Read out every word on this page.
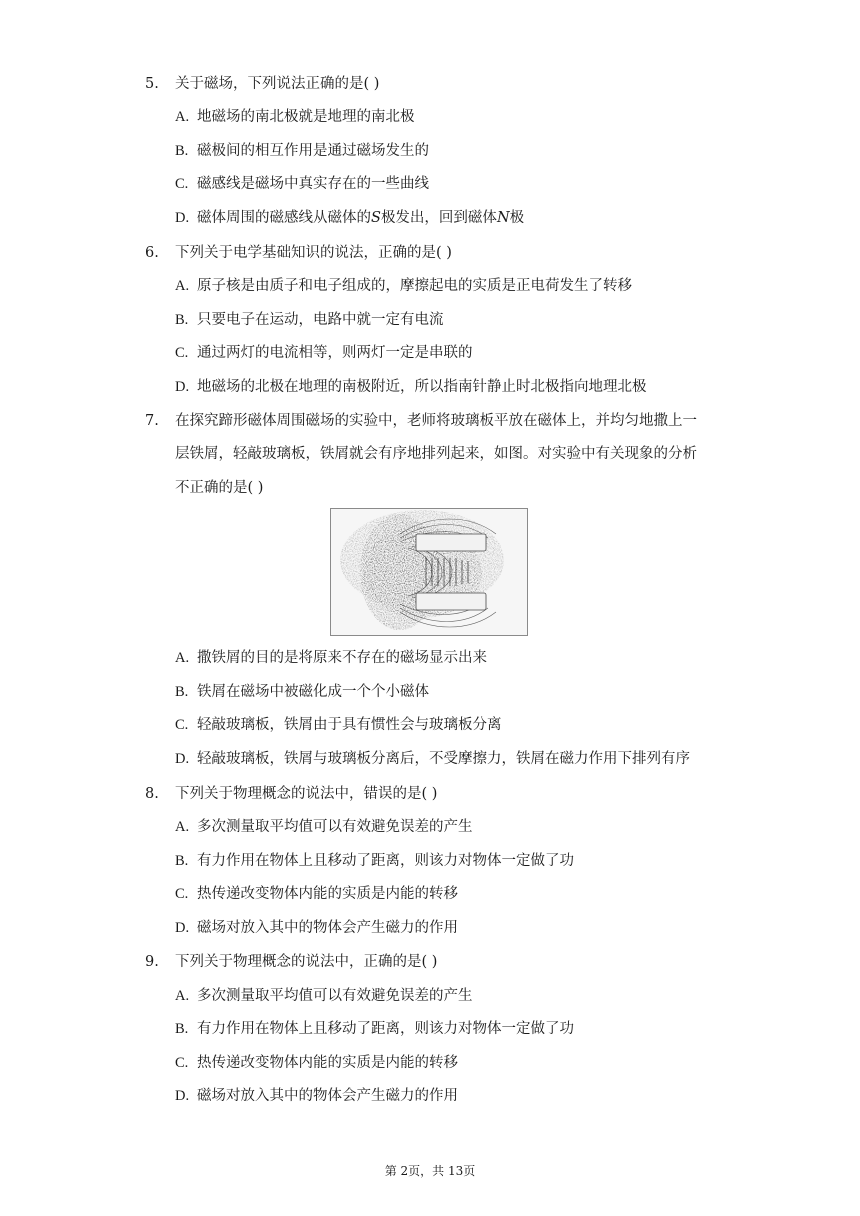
5. 关于磁场，下列说法正确的是( )
A. 地磁场的南北极就是地理的南北极
B. 磁极间的相互作用是通过磁场发生的
C. 磁感线是磁场中真实存在的一些曲线
D. 磁体周围的磁感线从磁体的S极发出，回到磁体N极
6. 下列关于电学基础知识的说法，正确的是( )
A. 原子核是由质子和电子组成的，摩擦起电的实质是正电荷发生了转移
B. 只要电子在运动，电路中就一定有电流
C. 通过两灯的电流相等，则两灯一定是串联的
D. 地磁场的北极在地理的南极附近，所以指南针静止时北极指向地理北极
7. 在探究蹄形磁体周围磁场的实验中，老师将玻璃板平放在磁体上，并均匀地撒上一
层铁屑，轻敲玻璃板，铁屑就会有序地排列起来，如图。对实验中有关现象的分析
不正确的是( )
A. 撒铁屑的目的是将原来不存在的磁场显示出来
B. 铁屑在磁场中被磁化成一个个小磁体
C. 轻敲玻璃板，铁屑由于具有惯性会与玻璃板分离
D. 轻敲玻璃板，铁屑与玻璃板分离后，不受摩擦力，铁屑在磁力作用下排列有序
8. 下列关于物理概念的说法中，错误的是( )
A. 多次测量取平均值可以有效避免误差的产生
B. 有力作用在物体上且移动了距离，则该力对物体一定做了功
C. 热传递改变物体内能的实质是内能的转移
D. 磁场对放入其中的物体会产生磁力的作用
9. 下列关于物理概念的说法中，正确的是( )
A. 多次测量取平均值可以有效避免误差的产生
B. 有力作用在物体上且移动了距离，则该力对物体一定做了功
C. 热传递改变物体内能的实质是内能的转移
D. 磁场对放入其中的物体会产生磁力的作用
第 2页，共 13页
